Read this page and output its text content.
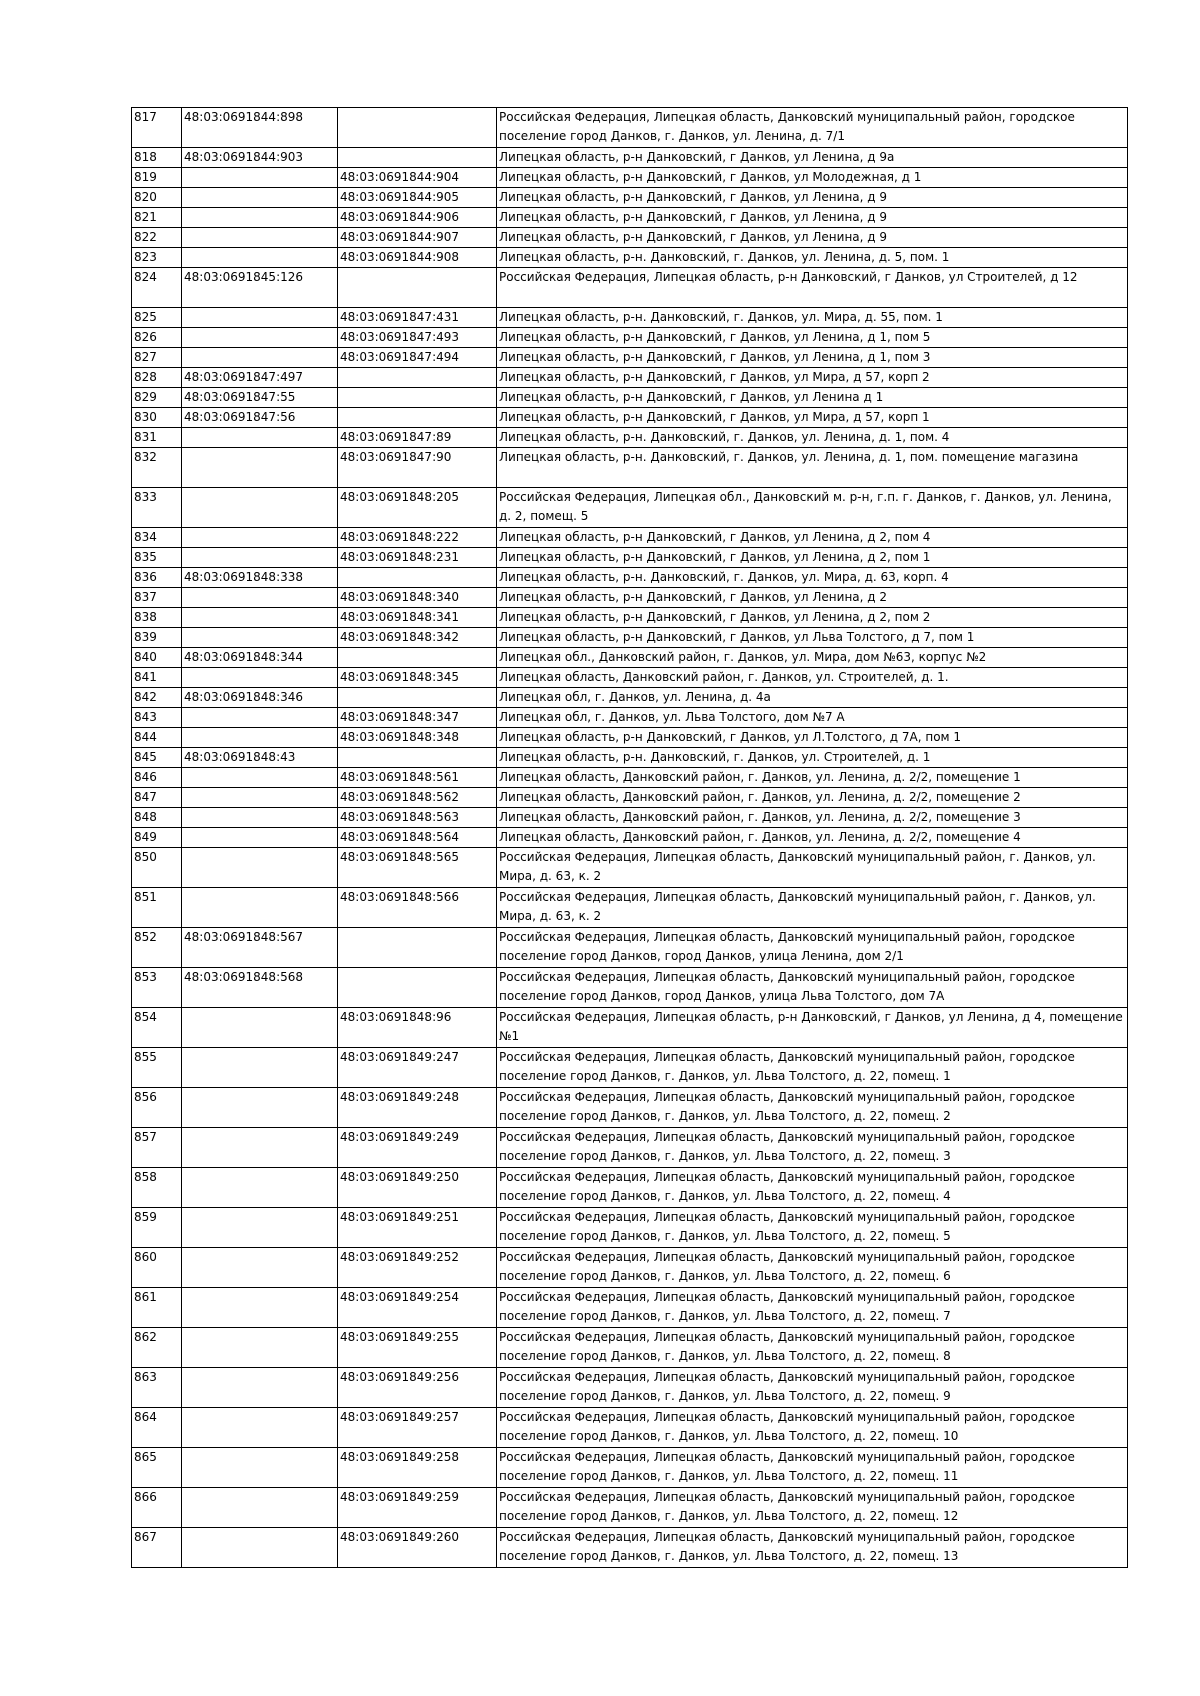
817	48:03:0691844:898		Российская Федерация, Липецкая область, Данковский муниципальный район, городское поселение город Данков, г. Данков, ул. Ленина, д. 7/1
818	48:03:0691844:903		Липецкая область, р-н Данковский, г Данков, ул Ленина, д 9а
819		48:03:0691844:904	Липецкая область, р-н Данковский, г Данков, ул Молодежная, д 1
820		48:03:0691844:905	Липецкая область, р-н Данковский, г Данков, ул Ленина, д 9
821		48:03:0691844:906	Липецкая область, р-н Данковский, г Данков, ул Ленина, д 9
822		48:03:0691844:907	Липецкая область, р-н Данковский, г Данков, ул Ленина, д 9
823		48:03:0691844:908	Липецкая область, р-н. Данковский, г. Данков, ул. Ленина, д. 5, пом. 1
824	48:03:0691845:126		Российская Федерация, Липецкая область, р-н Данковский, г Данков, ул Строителей, д 12
825		48:03:0691847:431	Липецкая область, р-н. Данковский, г. Данков, ул. Мира, д. 55, пом. 1
826		48:03:0691847:493	Липецкая область, р-н Данковский, г Данков, ул Ленина, д 1, пом 5
827		48:03:0691847:494	Липецкая область, р-н Данковский, г Данков, ул Ленина, д 1, пом 3
828	48:03:0691847:497		Липецкая область, р-н Данковский, г Данков, ул Мира, д 57, корп 2
829	48:03:0691847:55		Липецкая область, р-н Данковский, г Данков, ул Ленина д 1
830	48:03:0691847:56		Липецкая область, р-н Данковский, г Данков, ул Мира, д 57, корп 1
831		48:03:0691847:89	Липецкая область, р-н. Данковский, г. Данков, ул. Ленина, д. 1, пом. 4
832		48:03:0691847:90	Липецкая область, р-н. Данковский, г. Данков, ул. Ленина, д. 1, пом. помещение магазина
833		48:03:0691848:205	Российская Федерация, Липецкая обл., Данковский м. р-н, г.п. г. Данков, г. Данков, ул. Ленина, д. 2, помещ. 5
834		48:03:0691848:222	Липецкая область, р-н Данковский, г Данков, ул Ленина, д 2, пом 4
835		48:03:0691848:231	Липецкая область, р-н Данковский, г Данков, ул Ленина, д 2, пом 1
836	48:03:0691848:338		Липецкая область, р-н. Данковский, г. Данков, ул. Мира, д. 63, корп. 4
837		48:03:0691848:340	Липецкая область, р-н Данковский, г Данков, ул Ленина, д 2
838		48:03:0691848:341	Липецкая область, р-н Данковский, г Данков, ул Ленина, д 2, пом 2
839		48:03:0691848:342	Липецкая область, р-н Данковский, г Данков, ул Льва Толстого, д 7, пом 1
840	48:03:0691848:344		Липецкая обл., Данковский район, г. Данков, ул. Мира, дом №63, корпус №2
841		48:03:0691848:345	Липецкая область, Данковский район, г. Данков, ул. Строителей, д. 1.
842	48:03:0691848:346		Липецкая обл, г. Данков, ул. Ленина, д. 4а
843		48:03:0691848:347	Липецкая обл, г. Данков, ул. Льва Толстого, дом №7 А
844		48:03:0691848:348	Липецкая область, р-н Данковский, г Данков, ул Л.Толстого, д 7А, пом 1
845	48:03:0691848:43		Липецкая область, р-н. Данковский, г. Данков, ул. Строителей, д. 1
846		48:03:0691848:561	Липецкая область, Данковский район, г. Данков, ул. Ленина, д. 2/2, помещение 1
847		48:03:0691848:562	Липецкая область, Данковский район, г. Данков, ул. Ленина, д. 2/2, помещение 2
848		48:03:0691848:563	Липецкая область, Данковский район, г. Данков, ул. Ленина, д. 2/2, помещение 3
849		48:03:0691848:564	Липецкая область, Данковский район, г. Данков, ул. Ленина, д. 2/2, помещение 4
850		48:03:0691848:565	Российская Федерация, Липецкая область, Данковский муниципальный район, г. Данков, ул. Мира, д. 63, к. 2
851		48:03:0691848:566	Российская Федерация, Липецкая область, Данковский муниципальный район, г. Данков, ул. Мира, д. 63, к. 2
852	48:03:0691848:567		Российская Федерация, Липецкая область, Данковский муниципальный район, городское поселение город Данков, город Данков, улица Ленина, дом 2/1
853	48:03:0691848:568		Российская Федерация, Липецкая область, Данковский муниципальный район, городское поселение город Данков, город Данков, улица Льва Толстого, дом 7А
854		48:03:0691848:96	Российская Федерация, Липецкая область, р-н Данковский, г Данков, ул Ленина, д 4, помещение №1
855		48:03:0691849:247	Российская Федерация, Липецкая область, Данковский муниципальный район, городское поселение город Данков, г. Данков, ул. Льва Толстого, д. 22, помещ. 1
856		48:03:0691849:248	Российская Федерация, Липецкая область, Данковский муниципальный район, городское поселение город Данков, г. Данков, ул. Льва Толстого, д. 22, помещ. 2
857		48:03:0691849:249	Российская Федерация, Липецкая область, Данковский муниципальный район, городское поселение город Данков, г. Данков, ул. Льва Толстого, д. 22, помещ. 3
858		48:03:0691849:250	Российская Федерация, Липецкая область, Данковский муниципальный район, городское поселение город Данков, г. Данков, ул. Льва Толстого, д. 22, помещ. 4
859		48:03:0691849:251	Российская Федерация, Липецкая область, Данковский муниципальный район, городское поселение город Данков, г. Данков, ул. Льва Толстого, д. 22, помещ. 5
860		48:03:0691849:252	Российская Федерация, Липецкая область, Данковский муниципальный район, городское поселение город Данков, г. Данков, ул. Льва Толстого, д. 22, помещ. 6
861		48:03:0691849:254	Российская Федерация, Липецкая область, Данковский муниципальный район, городское поселение город Данков, г. Данков, ул. Льва Толстого, д. 22, помещ. 7
862		48:03:0691849:255	Российская Федерация, Липецкая область, Данковский муниципальный район, городское поселение город Данков, г. Данков, ул. Льва Толстого, д. 22, помещ. 8
863		48:03:0691849:256	Российская Федерация, Липецкая область, Данковский муниципальный район, городское поселение город Данков, г. Данков, ул. Льва Толстого, д. 22, помещ. 9
864		48:03:0691849:257	Российская Федерация, Липецкая область, Данковский муниципальный район, городское поселение город Данков, г. Данков, ул. Льва Толстого, д. 22, помещ. 10
865		48:03:0691849:258	Российская Федерация, Липецкая область, Данковский муниципальный район, городское поселение город Данков, г. Данков, ул. Льва Толстого, д. 22, помещ. 11
866		48:03:0691849:259	Российская Федерация, Липецкая область, Данковский муниципальный район, городское поселение город Данков, г. Данков, ул. Льва Толстого, д. 22, помещ. 12
867		48:03:0691849:260	Российская Федерация, Липецкая область, Данковский муниципальный район, городское поселение город Данков, г. Данков, ул. Льва Толстого, д. 22, помещ. 13
